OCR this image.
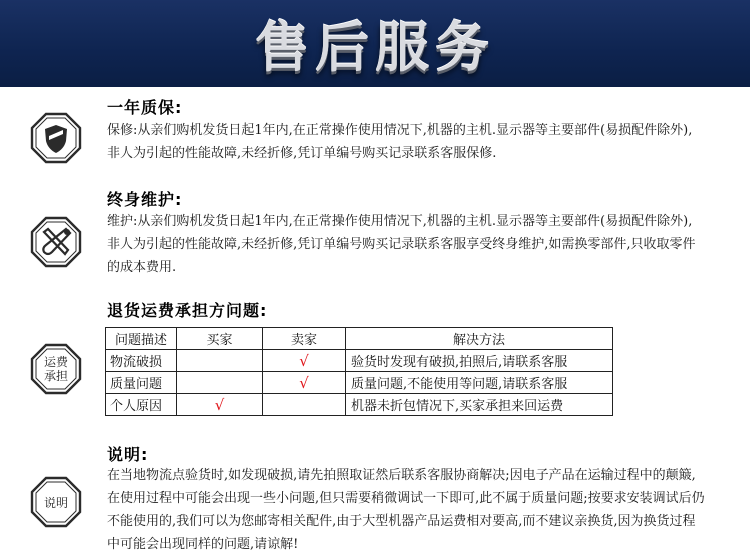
售后服务
一年质保:

保修:从亲们购机发货日起1年内,在正常操作使用情况下,机器的主机.显示器等主要部件(易损配件除外),非人为引起的性能故障,未经折修,凭订单编号购买记录联系客服保修.

终身维护:

维护:从亲们购机发货日起1年内,在正常操作使用情况下,机器的主机.显示器等主要部件(易损配件除外),非人为引起的性能故障,未经折修,凭订单编号购买记录联系客服享受终身维护,如需换零部件,只收取零件的成本费用.

运费
承担
退货运费承担方问题:
问题描述	买家	卖家	解决方法
物流破损		√	验货时发现有破损,拍照后,请联系客服
质量问题		√	质量问题,不能使用等问题,请联系客服
个人原因	√		机器未折包情况下,买家承担来回运费
说明
说明:

在当地物流点验货时,如发现破损,请先拍照取证然后联系客服协商解决;因电子产品在运输过程中的颠簸,在使用过程中可能会出现一些小问题,但只需要稍微调试一下即可,此不属于质量问题;按要求安装调试后仍不能使用的,我们可以为您邮寄相关配件,由于大型机器产品运费相对要高,而不建议亲换货,因为换货过程中可能会出现同样的问题,请谅解!
